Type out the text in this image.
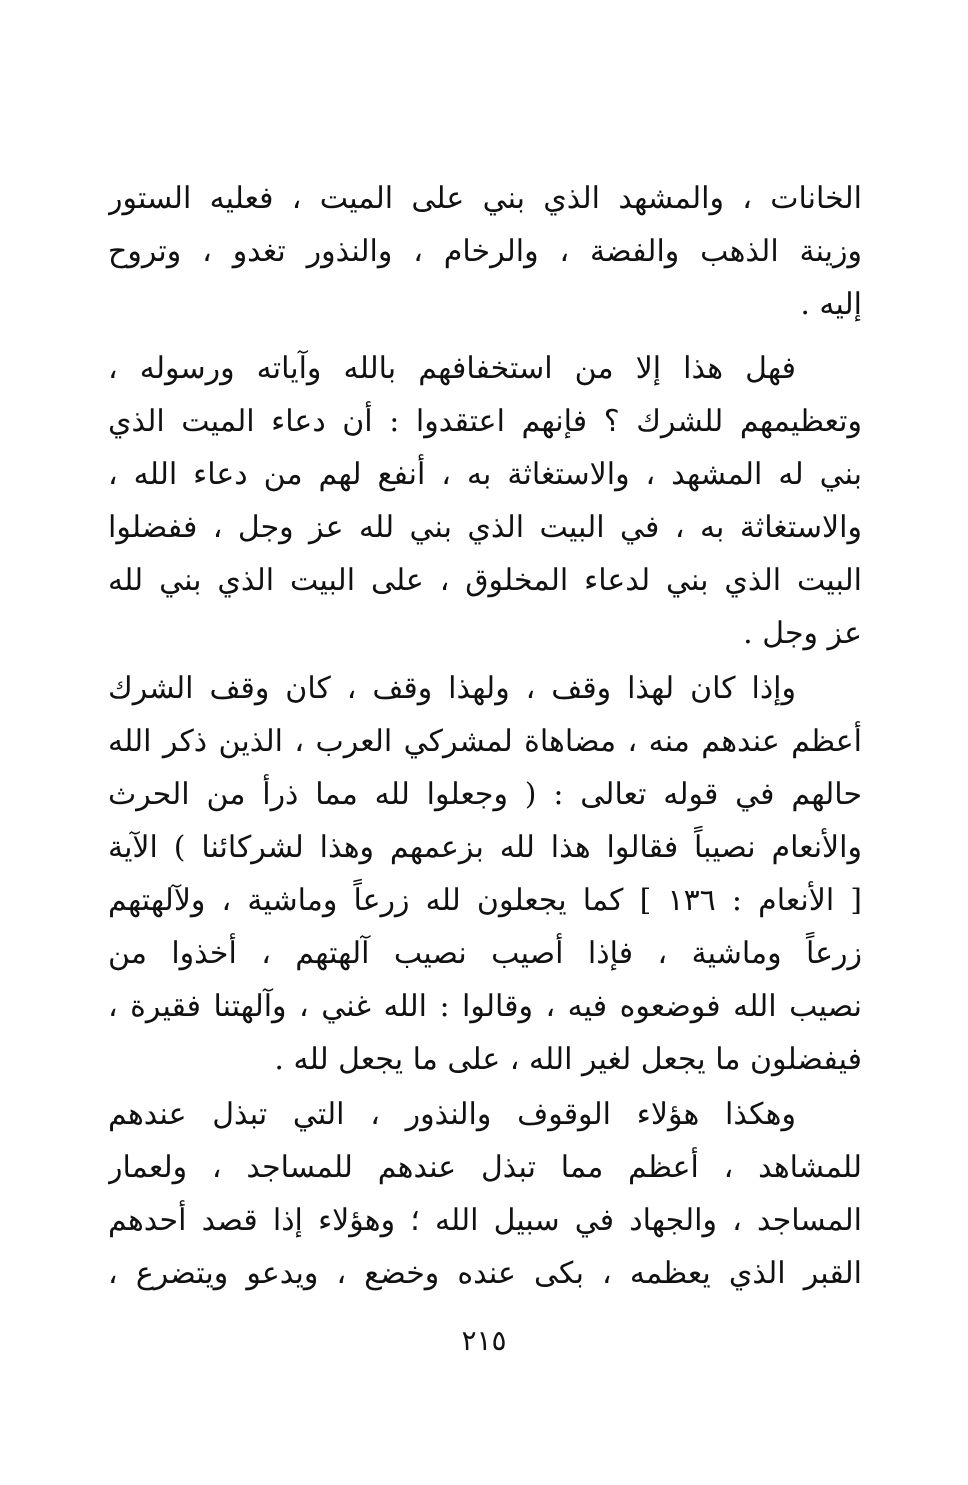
الخانات ، والمشهد الذي بني على الميت ، فعليه الستور
وزينة الذهب والفضة ، والرخام ، والنذور تغدو ، وتروح
إليه .
فهل هذا إلا من استخفافهم بالله وآياته ورسوله ،
وتعظيمهم للشرك ؟ فإنهم اعتقدوا : أن دعاء الميت الذي
بني له المشهد ، والاستغاثة به ، أنفع لهم من دعاء الله ،
والاستغاثة به ، في البيت الذي بني لله عز وجل ، ففضلوا
البيت الذي بني لدعاء المخلوق ، على البيت الذي بني لله
عز وجل .
وإذا كان لهذا وقف ، ولهذا وقف ، كان وقف الشرك
أعظم عندهم منه ، مضاهاة لمشركي العرب ، الذين ذكر الله
حالهم في قوله تعالى : ( وجعلوا لله مما ذرأ من الحرث
والأنعام نصيباً فقالوا هذا لله بزعمهم وهذا لشركائنا ) الآية
[ الأنعام : ١٣٦ ] كما يجعلون لله زرعاً وماشية ، ولآلهتهم
زرعاً وماشية ، فإذا أصيب نصيب آلهتهم ، أخذوا من
نصيب الله فوضعوه فيه ، وقالوا : الله غني ، وآلهتنا فقيرة ،
فيفضلون ما يجعل لغير الله ، على ما يجعل لله .
وهكذا هؤلاء الوقوف والنذور ، التي تبذل عندهم
للمشاهد ، أعظم مما تبذل عندهم للمساجد ، ولعمار
المساجد ، والجهاد في سبيل الله ؛ وهؤلاء إذا قصد أحدهم
القبر الذي يعظمه ، بكى عنده وخضع ، ويدعو ويتضرع ،
٢١٥
